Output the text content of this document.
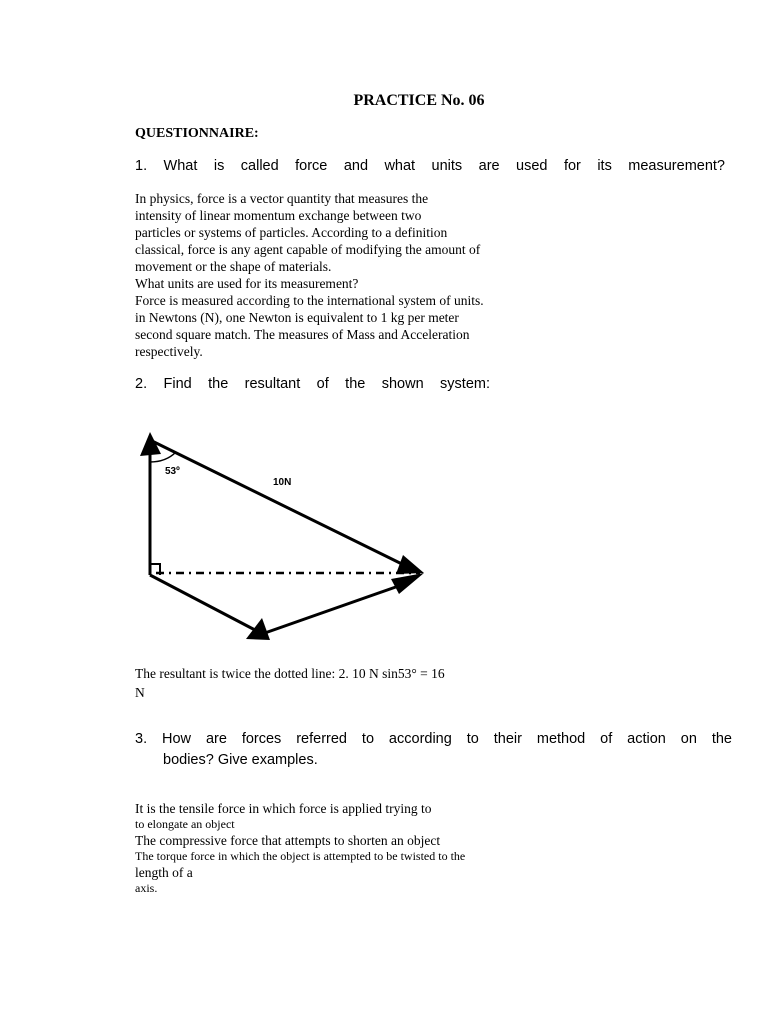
PRACTICE No. 06
QUESTIONNAIRE:
1. What is called force and what units are used for its measurement?
In physics, force is a vector quantity that measures the
intensity of linear momentum exchange between two
particles or systems of particles. According to a definition
classical, force is any agent capable of modifying the amount of
movement or the shape of materials.
What units are used for its measurement?
Force is measured according to the international system of units.
in Newtons (N), one Newton is equivalent to 1 kg per meter
second square match. The measures of Mass and Acceleration
respectively.
2. Find the resultant of the shown system:
53º
10N
The resultant is twice the dotted line: 2. 10 N sin53° = 16
N
3. How are forces referred to according to their method of action on the
bodies? Give examples.
It is the tensile force in which force is applied trying to
to elongate an object
The compressive force that attempts to shorten an object
The torque force in which the object is attempted to be twisted to the
length of a
axis.
